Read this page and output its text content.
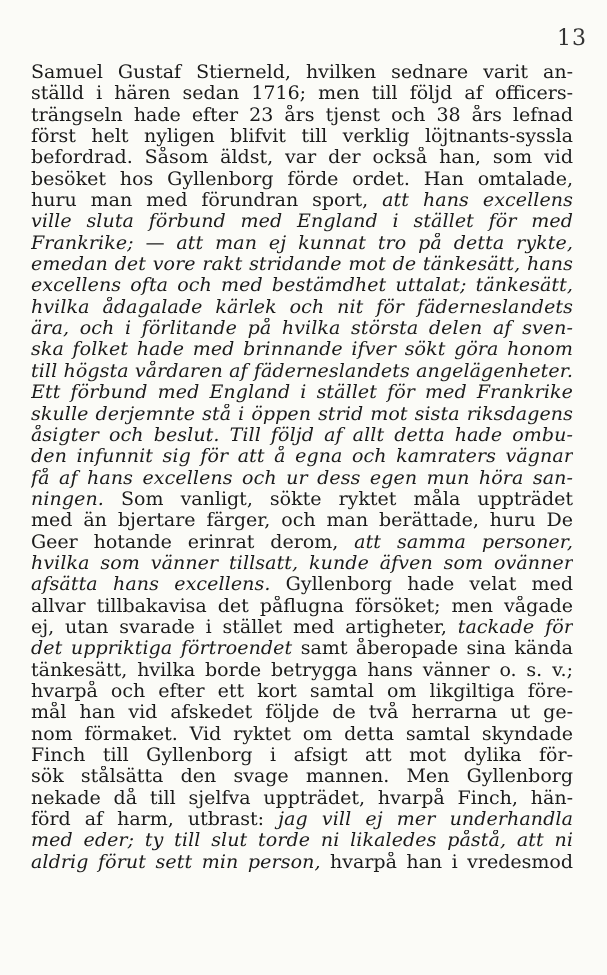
13
Samuel Gustaf Stierneld, hvilken sednare varit an-
ställd i hären sedan 1716; men till följd af officers-
trängseln hade efter 23 års tjenst och 38 års lefnad
först helt nyligen blifvit till verklig löjtnants-syssla
befordrad. Såsom äldst, var der också han, som vid
besöket hos Gyllenborg förde ordet. Han omtalade,
huru man med förundran sport, att hans excellens
ville sluta förbund med England i stället för med
Frankrike; — att man ej kunnat tro på detta rykte,
emedan det vore rakt stridande mot de tänkesätt, hans
excellens ofta och med bestämdhet uttalat; tänkesätt,
hvilka ådagalade kärlek och nit för fäderneslandets
ära, och i förlitande på hvilka största delen af sven-
ska folket hade med brinnande ifver sökt göra honom
till högsta vårdaren af fäderneslandets angelägenheter.
Ett förbund med England i stället för med Frankrike
skulle derjemnte stå i öppen strid mot sista riksdagens
åsigter och beslut. Till följd af allt detta hade ombu-
den infunnit sig för att å egna och kamraters vägnar
få af hans excellens och ur dess egen mun höra san-
ningen. Som vanligt, sökte ryktet måla uppträdet
med än bjertare färger, och man berättade, huru De
Geer hotande erinrat derom, att samma personer,
hvilka som vänner tillsatt, kunde äfven som ovänner
afsätta hans excellens. Gyllenborg hade velat med
allvar tillbakavisa det påflugna försöket; men vågade
ej, utan svarade i stället med artigheter, tackade för
det uppriktiga förtroendet samt åberopade sina kända
tänkesätt, hvilka borde betrygga hans vänner o. s. v.;
hvarpå och efter ett kort samtal om likgiltiga före-
mål han vid afskedet följde de två herrarna ut ge-
nom förmaket. Vid ryktet om detta samtal skyndade
Finch till Gyllenborg i afsigt att mot dylika för-
sök stålsätta den svage mannen. Men Gyllenborg
nekade då till sjelfva uppträdet, hvarpå Finch, hän-
förd af harm, utbrast: jag vill ej mer underhandla
med eder; ty till slut torde ni likaledes påstå, att ni
aldrig förut sett min person, hvarpå han i vredesmod
